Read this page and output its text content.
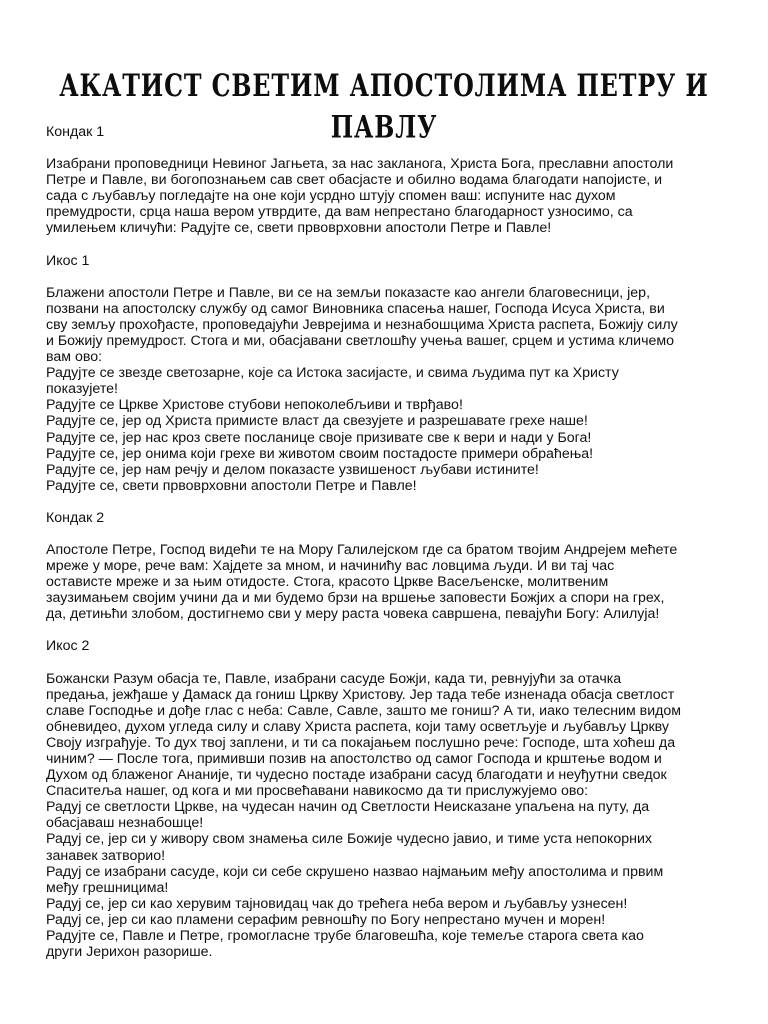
АКАТИСТ СВЕТИМ АПОСТОЛИМА ПЕТРУ И ПАВЛУ
Кондак 1
Изабрани проповедници Невиног Јагњета, за нас закланога, Христа Бога, преславни апостоли
Петре и Павле, ви богопознањем сав свет обасјасте и обилно водама благодати напојисте, и
сада с љубављу погледајте на оне који усрдно штују спомен ваш: испуните нас духом
премудрости, срца наша вером утврдите, да вам непрестано благодарност узносимо, са
умилењем кличући: Радујте се, свети првоврховни апостоли Петре и Павле!
Икос 1
Блажени апостоли Петре и Павле, ви се на земљи показасте као ангели благовесници, јер,
позвани на апостолску службу од самог Виновника спасења нашег, Господа Исуса Христа, ви
сву земљу прохођасте, проповедајући Јеврејима и незнабошцима Христа распета, Божију силу
и Божију премудрост. Стога и ми, обасјавани светлошћу учења вашег, срцем и устима кличемо
вам ово:
Радујте се звезде светозарне, које са Истока засијасте, и свима људима пут ка Христу
показујете!
Радујте се Цркве Христове стубови непоколебљиви и тврђаво!
Радујте се, јер од Христа примисте власт да свезујете и разрешавате грехе наше!
Радујте се, јер нас кроз свете посланице своје призивате све к вери и нади у Бога!
Радујте се, јер онима који грехе ви животом своим постадосте примери обраћења!
Радујте се, јер нам речју и делом показасте узвишеност љубави истините!
Радујте се, свети првоврховни апостоли Петре и Павле!
Кондак 2
Апостоле Петре, Господ видећи те на Мору Галилејском где са братом твојим Андрејем мећете
мреже у море, рече вам: Хајдете за мном, и начинићу вас ловцима људи. И ви тај час
остависте мреже и за њим отидосте. Стога, красото Цркве Васељенске, молитвеним
заузимањем својим учини да и ми будемо брзи на вршење заповести Божјих а спори на грех,
да, детињћи злобом, достигнемо сви у меру раста човека савршена, певајући Богу: Алилуја!
Икос 2
Божански Разум обасја те, Павле, изабрани сасуде Божји, када ти, ревнујући за отачка
предања, јежђаше у Дамаск да гониш Цркву Христову. Јер тада тебе изненада обасја светлост
славе Господње и дође глас с неба: Савле, Савле, зашто ме гониш? А ти, иако телесним видом
обневидео, духом угледа силу и славу Христа распета, који таму осветљује и љубављу Цркву
Своју изграђује. То дух твој заплени, и ти са покајањем послушно рече: Господе, шта хоћеш да
чиним? — После тога, примивши позив на апостолство од самог Господа и крштење водом и
Духом од блаженог Ананије, ти чудесно постаде изабрани сасуд благодати и неуђутни сведок
Спаситеља нашег, од кога и ми просвећавани навикосмо да ти прислужујемо ово:
Радуј се светлости Цркве, на чудесан начин од Светлости Неисказане упаљена на путу, да
обасјаваш незнабошце!
Радуј се, јер си у живору свом знамења силе Божије чудесно јавио, и тиме уста непокорних
занавек затворио!
Радуј се изабрани сасуде, који си себе скрушено назвао најмањим међу апостолима и првим
међу грешницима!
Радуј се, јер си као херувим тајновидац чак до трећега неба вером и љубављу узнесен!
Радуј се, јер си као пламени серафим ревношћу по Богу непрестано мучен и морен!
Радујте се, Павле и Петре, громогласне трубе благовешћа, које темеље старога света као
други Јерихон разорише.
